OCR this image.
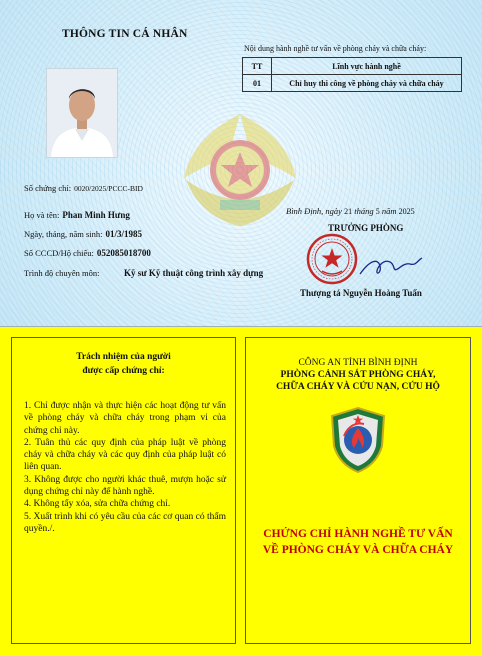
THÔNG TIN CÁ NHÂN
Số chứng chỉ: 0020/2025/PCCC-BID
Họ và tên: Phan Minh Hưng
Ngày, tháng, năm sinh: 01/3/1985
Số CCCD/Hộ chiếu: 052085018700
Trình độ chuyên môn:	Kỹ sư Kỹ thuật công trình xây dựng
Nội dung hành nghề tư vấn về phòng cháy và chữa cháy:
TT	Lĩnh vực hành nghề
01	Chỉ huy thi công về phòng cháy và chữa cháy
Bình Định, ngày 21 tháng 5 năm 2025
TRƯỞNG PHÒNG
Thượng tá Nguyễn Hoàng Tuấn
Trách nhiệm của người
được cấp chứng chỉ:
1. Chỉ được nhận và thực hiện các hoạt động tư vấn về phòng cháy và chữa cháy trong phạm vi của chứng chỉ này.
2. Tuân thủ các quy định của pháp luật về phòng cháy và chữa cháy và các quy định của pháp luật có liên quan.
3. Không được cho người khác thuê, mượn hoặc sử dụng chứng chỉ này để hành nghề.
4. Không tẩy xóa, sửa chữa chứng chỉ.
5. Xuất trình khi có yêu cầu của các cơ quan có thẩm quyền./.
CÔNG AN TỈNH BÌNH ĐỊNH
PHÒNG CẢNH SÁT PHÒNG CHÁY,
CHỮA CHÁY VÀ CỨU NẠN, CỨU HỘ
CHỨNG CHỈ HÀNH NGHỀ TƯ VẤN
VỀ PHÒNG CHÁY VÀ CHỮA CHÁY
